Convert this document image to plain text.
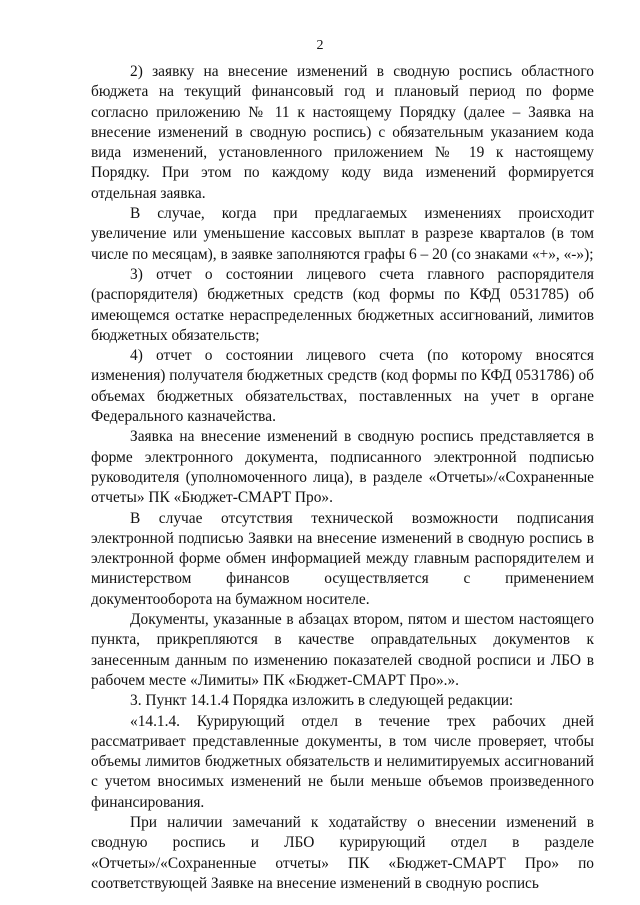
2

2) заявку на внесение изменений в сводную роспись областного бюджета на текущий финансовый год и плановый период по форме согласно приложению № 11 к настоящему Порядку (далее – Заявка на внесение изменений в сводную роспись) с обязательным указанием кода вида изменений, установленного приложением № 19 к настоящему Порядку. При этом по каждому коду вида изменений формируется отдельная заявка.

В случае, когда при предлагаемых изменениях происходит увеличение или уменьшение кассовых выплат в разрезе кварталов (в том числе по месяцам), в заявке заполняются графы 6 – 20 (со знаками «+», «-»);

3) отчет о состоянии лицевого счета главного распорядителя (распорядителя) бюджетных средств (код формы по КФД 0531785) об имеющемся остатке нераспределенных бюджетных ассигнований, лимитов бюджетных обязательств;

4) отчет о состоянии лицевого счета (по которому вносятся изменения) получателя бюджетных средств (код формы по КФД 0531786) об объемах бюджетных обязательствах, поставленных на учет в органе Федерального казначейства.

Заявка на внесение изменений в сводную роспись представляется в форме электронного документа, подписанного электронной подписью руководителя (уполномоченного лица), в разделе «Отчеты»/«Сохраненные отчеты» ПК «Бюджет-СМАРТ Про».

В случае отсутствия технической возможности подписания электронной подписью Заявки на внесение изменений в сводную роспись в электронной форме обмен информацией между главным распорядителем и министерством финансов осуществляется с применением документооборота на бумажном носителе.

Документы, указанные в абзацах втором, пятом и шестом настоящего пункта, прикрепляются в качестве оправдательных документов к занесенным данным по изменению показателей сводной росписи и ЛБО в рабочем месте «Лимиты» ПК «Бюджет-СМАРТ Про».».

3. Пункт 14.1.4 Порядка изложить в следующей редакции:

«14.1.4. Курирующий отдел в течение трех рабочих дней рассматривает представленные документы, в том числе проверяет, чтобы объемы лимитов бюджетных обязательств и нелимитируемых ассигнований с учетом вносимых изменений не были меньше объемов произведенного финансирования.

При наличии замечаний к ходатайству о внесении изменений в сводную роспись и ЛБО курирующий отдел в разделе «Отчеты»/«Сохраненные отчеты» ПК «Бюджет-СМАРТ Про» по соответствующей Заявке на внесение изменений в сводную роспись
